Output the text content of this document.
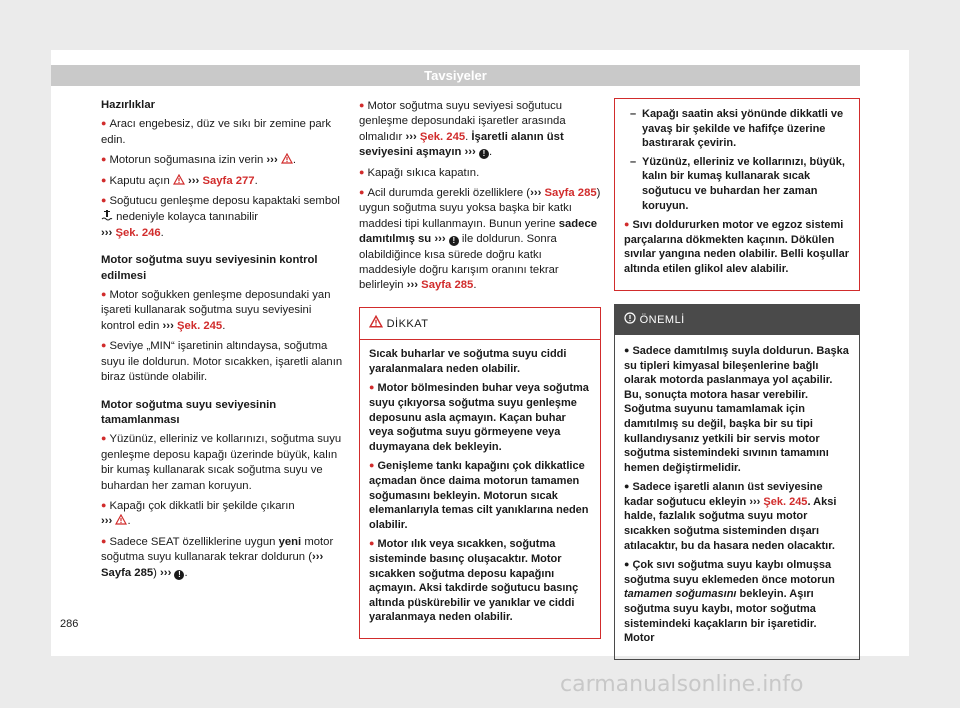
Tavsiyeler

Hazırlıklar

● Aracı engebesiz, düz ve sıkı bir zemine park edin.

● Motorun soğumasına izin verin ››› .

● Kaputu açın ››› Sayfa 277.

● Soğutucu genleşme deposu kapaktaki sembol  nedeniyle kolayca tanınabilir
››› Şek. 246.

Motor soğutma suyu seviyesinin kontrol edilmesi

● Motor soğukken genleşme deposundaki yan işareti kullanarak soğutma suyu seviyesini kontrol edin ››› Şek. 245.

● Seviye „MIN“ işaretinin altındaysa, soğutma suyu ile doldurun. Motor sıcakken, işaretli alanın biraz üstünde olabilir.

Motor soğutma suyu seviyesinin tamamlanması

● Yüzünüz, elleriniz ve kollarınızı, soğutma suyu genleşme deposu kapağı üzerinde büyük, kalın bir kumaş kullanarak sıcak soğutma suyu ve buhardan her zaman koruyun.

● Kapağı çok dikkatli bir şekilde çıkarın
››› .

● Sadece SEAT özelliklerine uygun yeni motor soğutma suyu kullanarak tekrar doldurun (››› Sayfa 285) ››› ! .

● Motor soğutma suyu seviyesi soğutucu genleşme deposundaki işaretler arasında olmalıdır ››› Şek. 245. İşaretli alanın üst seviyesini aşmayın ››› ! .

● Kapağı sıkıca kapatın.

● Acil durumda gerekli özelliklere (››› Sayfa 285) uygun soğutma suyu yoksa başka bir katkı maddesi tipi kullanmayın. Bunun yerine sadece damıtılmış su ››› ! ile doldurun. Sonra olabildiğince kısa sürede doğru katkı maddesiyle doğru karışım oranını tekrar belirleyin ››› Sayfa 285.

DİKKAT

Sıcak buharlar ve soğutma suyu ciddi yaralanmalara neden olabilir.

● Motor bölmesinden buhar veya soğutma suyu çıkıyorsa soğutma suyu genleşme deposunu asla açmayın. Kaçan buhar veya soğutma suyu görmeyene veya duymayana dek bekleyin.

● Genişleme tankı kapağını çok dikkatlice açmadan önce daima motorun tamamen soğumasını bekleyin. Motorun sıcak elemanlarıyla temas cilt yanıklarına neden olabilir.

● Motor ılık veya sıcakken, soğutma sisteminde basınç oluşacaktır. Motor sıcakken soğutma deposu kapağını açmayın. Aksi takdirde soğutucu basınç altında püskürebilir ve yanıklar ve ciddi yaralanmaya neden olabilir.

– Kapağı saatin aksi yönünde dikkatli ve yavaş bir şekilde ve hafifçe üzerine bastırarak çevirin.

– Yüzünüz, elleriniz ve kollarınızı, büyük, kalın bir kumaş kullanarak sıcak soğutucu ve buhardan her zaman koruyun.

● Sıvı doldururken motor ve egzoz sistemi parçalarına dökmekten kaçının. Dökülen sıvılar yangına neden olabilir. Belli koşullar altında etilen glikol alev alabilir.

ÖNEMLİ

● Sadece damıtılmış suyla doldurun. Başka su tipleri kimyasal bileşenlerine bağlı olarak motorda paslanmaya yol açabilir. Bu, sonuçta motora hasar verebilir. Soğutma suyunu tamamlamak için damıtılmış su değil, başka bir su tipi kullandıysanız yetkili bir servis motor soğutma sistemindeki sıvının tamamını hemen değiştirmelidir.

● Sadece işaretli alanın üst seviyesine kadar soğutucu ekleyin ››› Şek. 245. Aksi halde, fazlalık soğutma suyu motor sıcakken soğutma sisteminden dışarı atılacaktır, bu da hasara neden olacaktır.

● Çok sıvı soğutma suyu kaybı olmuşsa soğutma suyu eklemeden önce motorun tamamen soğumasını bekleyin. Aşırı soğutma suyu kaybı, motor soğutma sistemindeki kaçakların bir işaretidir. Motor

286
carmanualsonline.info
